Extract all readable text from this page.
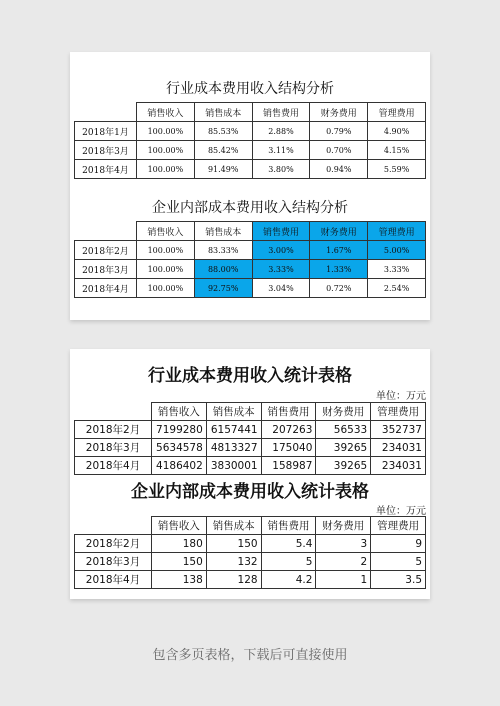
行业成本费用收入结构分析
	销售收入	销售成本	销售费用	财务费用	管理费用
2018年1月	100.00%	85.53%	2.88%	0.79%	4.90%
2018年3月	100.00%	85.42%	3.11%	0.70%	4.15%
2018年4月	100.00%	91.49%	3.80%	0.94%	5.59%
企业内部成本费用收入结构分析
	销售收入	销售成本	销售费用	财务费用	管理费用
2018年2月	100.00%	83.33%	3.00%	1.67%	5.00%
2018年3月	100.00%	88.00%	3.33%	1.33%	3.33%
2018年4月	100.00%	92.75%	3.04%	0.72%	2.54%
行业成本费用收入统计表格
单位：万元
	销售收入	销售成本	销售费用	财务费用	管理费用
2018年2月	7199280	6157441	207263	56533	352737
2018年3月	5634578	4813327	175040	39265	234031
2018年4月	4186402	3830001	158987	39265	234031
企业内部成本费用收入统计表格
单位：万元
	销售收入	销售成本	销售费用	财务费用	管理费用
2018年2月	180	150	5.4	3	9
2018年3月	150	132	5	2	5
2018年4月	138	128	4.2	1	3.5
包含多页表格，下载后可直接使用
